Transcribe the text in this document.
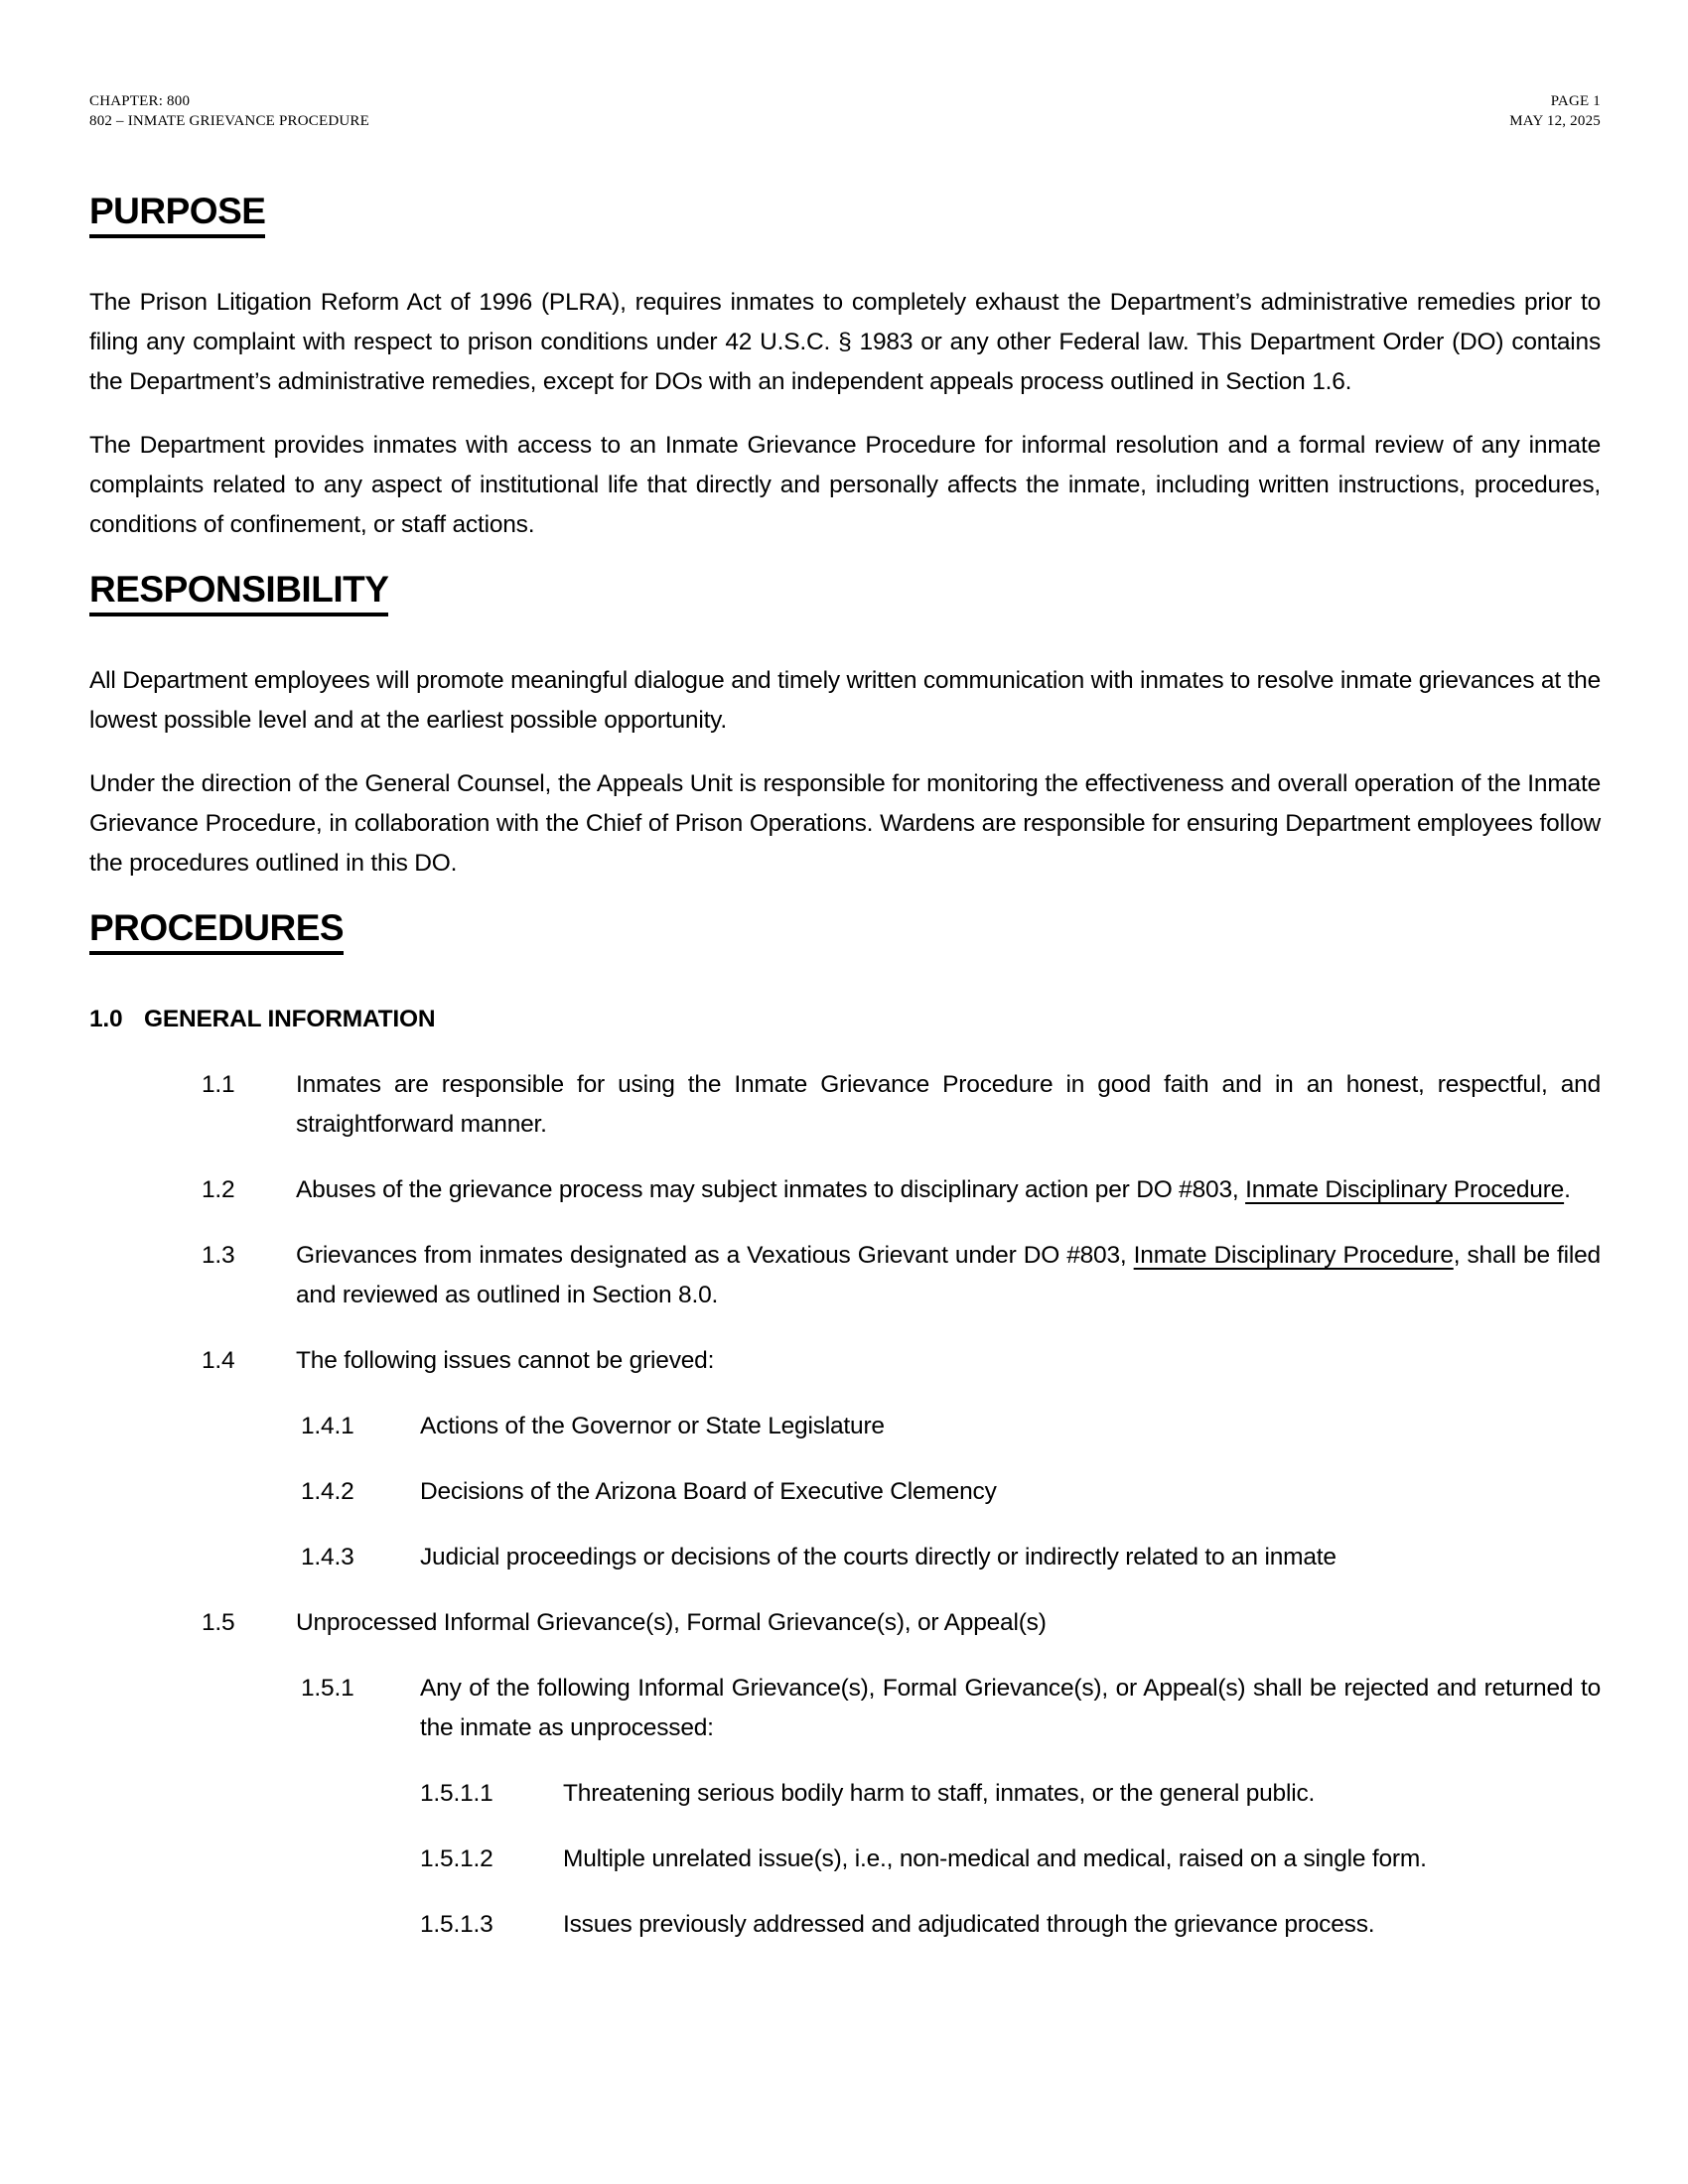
CHAPTER: 800
802 – INMATE GRIEVANCE PROCEDURE
PAGE 1
MAY 12, 2025
PURPOSE

The Prison Litigation Reform Act of 1996 (PLRA), requires inmates to completely exhaust the Department’s administrative remedies prior to filing any complaint with respect to prison conditions under 42 U.S.C. § 1983 or any other Federal law. This Department Order (DO) contains the Department’s administrative remedies, except for DOs with an independent appeals process outlined in Section 1.6.

The Department provides inmates with access to an Inmate Grievance Procedure for informal resolution and a formal review of any inmate complaints related to any aspect of institutional life that directly and personally affects the inmate, including written instructions, procedures, conditions of confinement, or staff actions.

RESPONSIBILITY

All Department employees will promote meaningful dialogue and timely written communication with inmates to resolve inmate grievances at the lowest possible level and at the earliest possible opportunity.

Under the direction of the General Counsel, the Appeals Unit is responsible for monitoring the effectiveness and overall operation of the Inmate Grievance Procedure, in collaboration with the Chief of Prison Operations. Wardens are responsible for ensuring Department employees follow the procedures outlined in this DO.

PROCEDURES
1.0 GENERAL INFORMATION
1.1	Inmates are responsible for using the Inmate Grievance Procedure in good faith and in an honest, respectful, and straightforward manner.
1.2	Abuses of the grievance process may subject inmates to disciplinary action per DO #803, Inmate Disciplinary Procedure.
1.3	Grievances from inmates designated as a Vexatious Grievant under DO #803, Inmate Disciplinary Procedure, shall be filed and reviewed as outlined in Section 8.0.
1.4	The following issues cannot be grieved:
1.4.1	Actions of the Governor or State Legislature
1.4.2	Decisions of the Arizona Board of Executive Clemency
1.4.3	Judicial proceedings or decisions of the courts directly or indirectly related to an inmate
1.5	Unprocessed Informal Grievance(s), Formal Grievance(s), or Appeal(s)
1.5.1	Any of the following Informal Grievance(s), Formal Grievance(s), or Appeal(s) shall be rejected and returned to the inmate as unprocessed:
1.5.1.1	Threatening serious bodily harm to staff, inmates, or the general public.
1.5.1.2	Multiple unrelated issue(s), i.e., non-medical and medical, raised on a single form.
1.5.1.3	Issues previously addressed and adjudicated through the grievance process.
